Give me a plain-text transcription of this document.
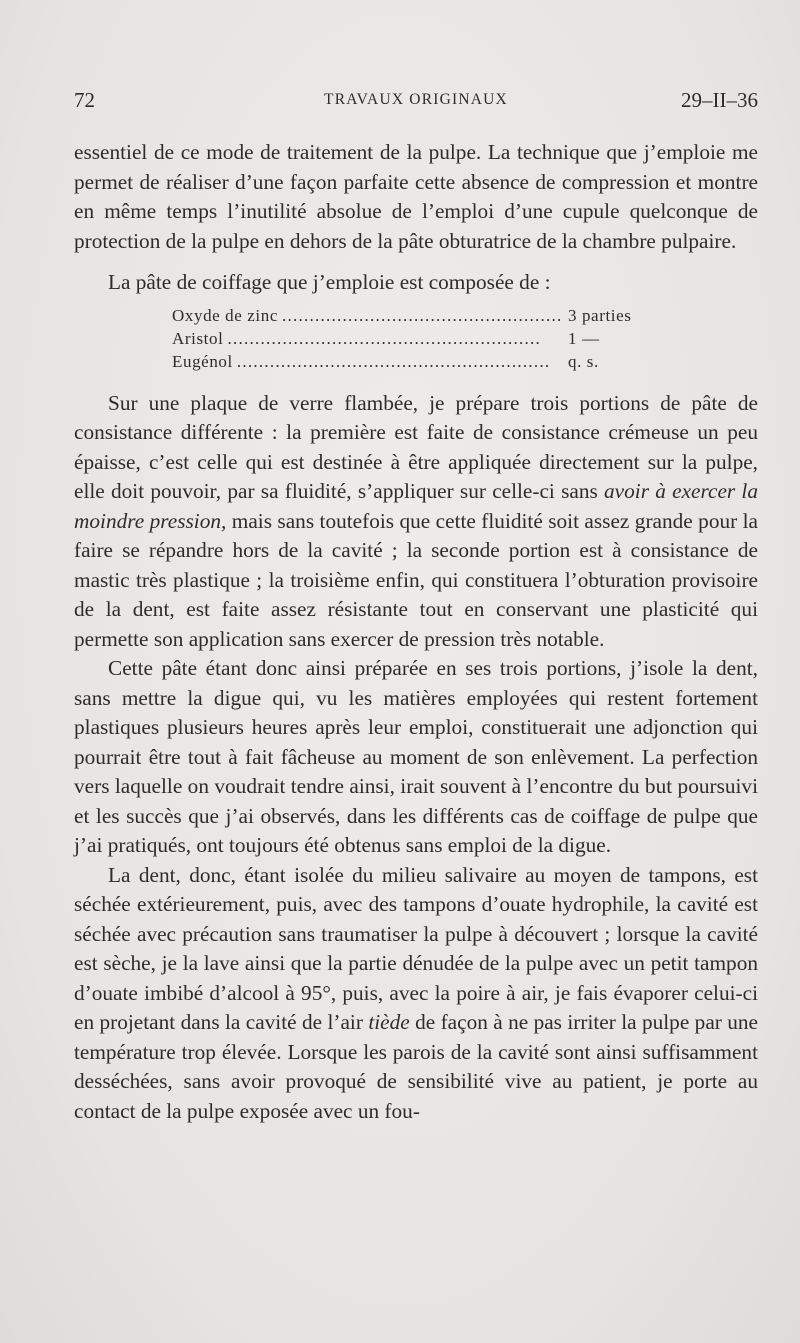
72	TRAVAUX ORIGINAUX	29–II–36

essentiel de ce mode de traitement de la pulpe. La technique que j’emploie me permet de réaliser d’une façon parfaite cette absence de compression et montre en même temps l’inutilité absolue de l’emploi d’une cupule quelconque de protection de la pulpe en dehors de la pâte obturatrice de la chambre pulpaire.

La pâte de coiffage que j’emploie est composée de :

Oxyde de zinc . . .	3 parties
Aristol . . .	1 —
Eugénol . . .	q. s.

Sur une plaque de verre flambée, je prépare trois portions de pâte de consistance différente : la première est faite de consistance crémeuse un peu épaisse, c’est celle qui est destinée à être appliquée directement sur la pulpe, elle doit pouvoir, par sa fluidité, s’appliquer sur celle-ci sans avoir à exercer la moindre pression, mais sans toutefois que cette fluidité soit assez grande pour la faire se répandre hors de la cavité ; la seconde portion est à consistance de mastic très plastique ; la troisième enfin, qui constituera l’obturation provisoire de la dent, est faite assez résistante tout en conservant une plasticité qui permette son application sans exercer de pression très notable.

Cette pâte étant donc ainsi préparée en ses trois portions, j’isole la dent, sans mettre la digue qui, vu les matières employées qui restent fortement plastiques plusieurs heures après leur emploi, constituerait une adjonction qui pourrait être tout à fait fâcheuse au moment de son enlèvement. La perfection vers laquelle on voudrait tendre ainsi, irait souvent à l’encontre du but poursuivi et les succès que j’ai observés, dans les différents cas de coiffage de pulpe que j’ai pratiqués, ont toujours été obtenus sans emploi de la digue.

La dent, donc, étant isolée du milieu salivaire au moyen de tampons, est séchée extérieurement, puis, avec des tampons d’ouate hydrophile, la cavité est séchée avec précaution sans traumatiser la pulpe à découvert ; lorsque la cavité est sèche, je la lave ainsi que la partie dénudée de la pulpe avec un petit tampon d’ouate imbibé d’alcool à 95°, puis, avec la poire à air, je fais évaporer celui-ci en projetant dans la cavité de l’air tiède de façon à ne pas irriter la pulpe par une température trop élevée. Lorsque les parois de la cavité sont ainsi suffisamment desséchées, sans avoir provoqué de sensibilité vive au patient, je porte au contact de la pulpe exposée avec un fou-
